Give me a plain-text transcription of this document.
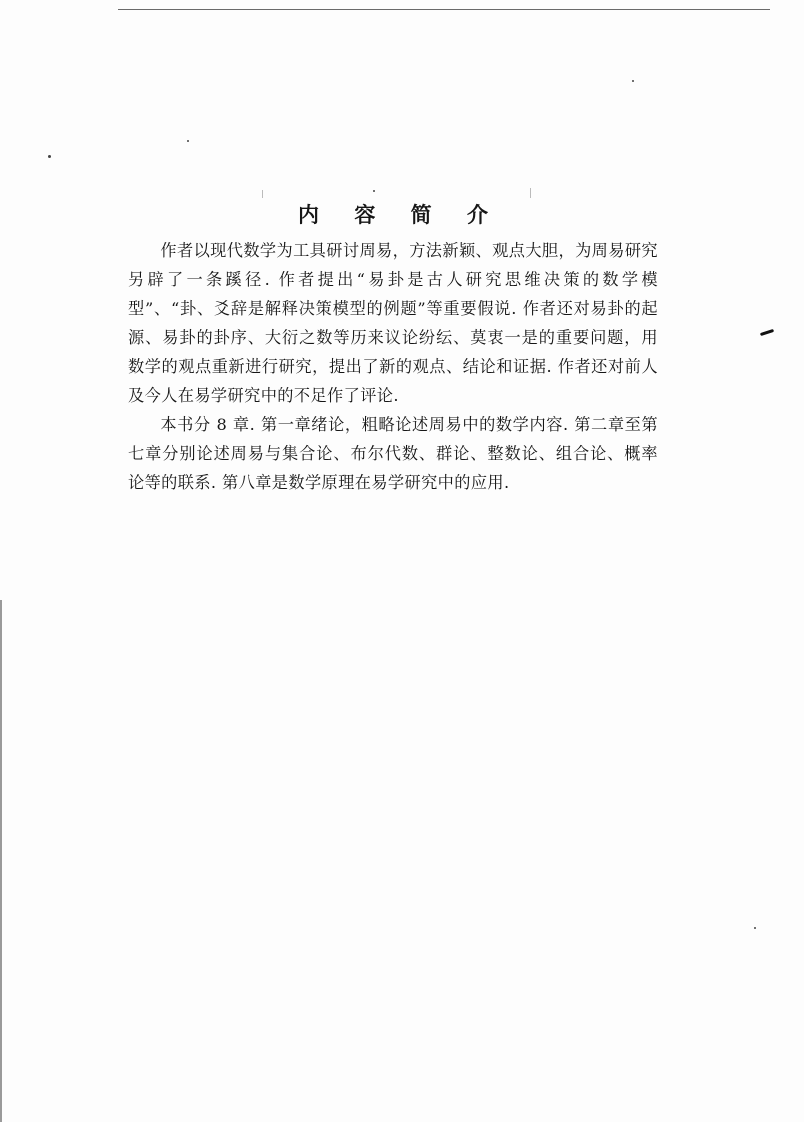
内 容 简 介

作者以现代数学为工具研讨周易，方法新颖、观点大胆，为周易研究另辟了一条蹊径. 作者提出“易卦是古人研究思维决策的数学模型”、“卦、爻辞是解释决策模型的例题”等重要假说. 作者还对易卦的起源、易卦的卦序、大衍之数等历来议论纷纭、莫衷一是的重要问题，用数学的观点重新进行研究，提出了新的观点、结论和证据. 作者还对前人及今人在易学研究中的不足作了评论.

本书分 8 章. 第一章绪论，粗略论述周易中的数学内容. 第二章至第七章分别论述周易与集合论、布尔代数、群论、整数论、组合论、概率论等的联系. 第八章是数学原理在易学研究中的应用.
